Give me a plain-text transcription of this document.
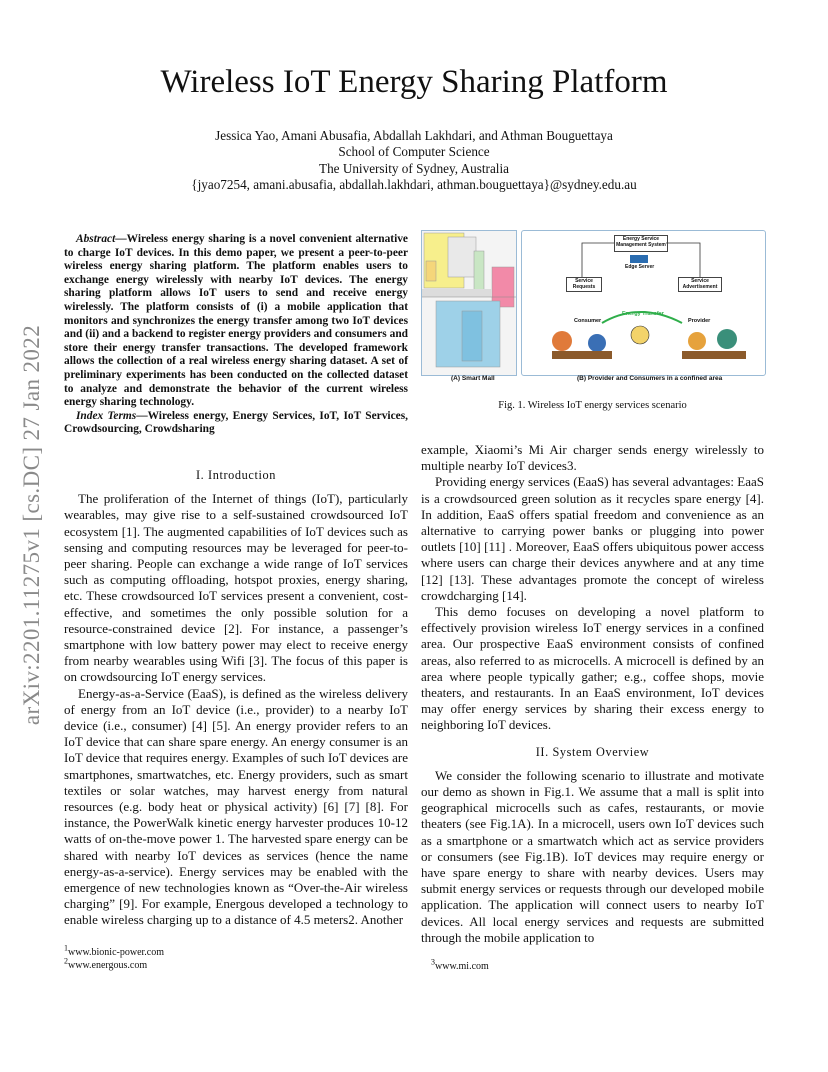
arXiv:2201.11275v1 [cs.DC] 27 Jan 2022
Wireless IoT Energy Sharing Platform
Jessica Yao, Amani Abusafia, Abdallah Lakhdari, and Athman Bouguettaya
School of Computer Science
The University of Sydney, Australia
{jyao7254, amani.abusafia, abdallah.lakhdari, athman.bouguettaya}@sydney.edu.au

Abstract—Wireless energy sharing is a novel convenient alternative to charge IoT devices. In this demo paper, we present a peer-to-peer wireless energy sharing platform. The platform enables users to exchange energy wirelessly with nearby IoT devices. The energy sharing platform allows IoT users to send and receive energy wirelessly. The platform consists of (i) a mobile application that monitors and synchronizes the energy transfer among two IoT devices and (ii) and a backend to register energy providers and consumers and store their energy transfer transactions. The developed framework allows the collection of a real wireless energy sharing dataset. A set of preliminary experiments has been conducted on the collected dataset to analyze and demonstrate the behavior of the current wireless energy sharing technology.

Index Terms—Wireless energy, Energy Services, IoT, IoT Services, Crowdsourcing, Crowdsharing

I. Introduction

The proliferation of the Internet of things (IoT), particularly wearables, may give rise to a self-sustained crowdsourced IoT ecosystem [1]. The augmented capabilities of IoT devices such as sensing and computing resources may be leveraged for peer-to-peer sharing. People can exchange a wide range of IoT services such as computing offloading, hotspot proxies, energy sharing, etc. These crowdsourced IoT services present a convenient, cost-effective, and sometimes the only possible solution for a resource-constrained device [2]. For instance, a passenger’s smartphone with low battery power may elect to receive energy from nearby wearables using Wifi [3]. The focus of this paper is on crowdsourcing IoT energy services.

Energy-as-a-Service (EaaS), is defined as the wireless delivery of energy from an IoT device (i.e., provider) to a nearby IoT device (i.e., consumer) [4] [5]. An energy provider refers to an IoT device that can share spare energy. An energy consumer is an IoT device that requires energy. Examples of such IoT devices are smartphones, smartwatches, etc. Energy providers, such as smart textiles or solar watches, may harvest energy from natural resources (e.g. body heat or physical activity) [6] [7] [8]. For instance, the PowerWalk kinetic energy harvester produces 10-12 watts of on-the-move power 1. The harvested spare energy can be shared with nearby IoT devices as services (hence the name energy-as-a-service). Energy services may be enabled with the emergence of new technologies known as “Over-the-Air wireless charging” [9]. For example, Energous developed a technology to enable wireless charging up to a distance of 4.5 meters2. Another

$^1$www.bionic-power.com
$^2$www.energous.com
(A) Smart Mall
Energy Service Management System
Edge Server
Service Requests
Service Advertisement
Energy Transfer
Consumer	Provider
(B) Provider and Consumers in a confined area
Fig. 1. Wireless IoT energy services scenario

example, Xiaomi’s Mi Air charger sends energy wirelessly to multiple nearby IoT devices3.

Providing energy services (EaaS) has several advantages: EaaS is a crowdsourced green solution as it recycles spare energy [4]. In addition, EaaS offers spatial freedom and convenience as an alternative to carrying power banks or plugging into power outlets [10] [11] . Moreover, EaaS offers ubiquitous power access where users can charge their devices anywhere and at any time [12] [13]. These advantages promote the concept of wireless crowdcharging [14].

This demo focuses on developing a novel platform to effectively provision wireless IoT energy services in a confined area. Our prospective EaaS environment consists of confined areas, also referred to as microcells. A microcell is defined by an area where people typically gather; e.g., coffee shops, movie theaters, and restaurants. In an EaaS environment, IoT devices may offer energy services by sharing their excess energy to neighboring IoT devices.

II. System Overview

We consider the following scenario to illustrate and motivate our demo as shown in Fig.1. We assume that a mall is split into geographical microcells such as cafes, restaurants, or movie theaters (see Fig.1A). In a microcell, users own IoT devices such as a smartphone or a smartwatch which act as service providers or consumers (see Fig.1B). IoT devices may require energy or have spare energy to share with nearby devices. Users may submit energy services or requests through our developed mobile application. The application will connect users to nearby IoT devices. All local energy services and requests are submitted through the mobile application to

$^3$www.mi.com
